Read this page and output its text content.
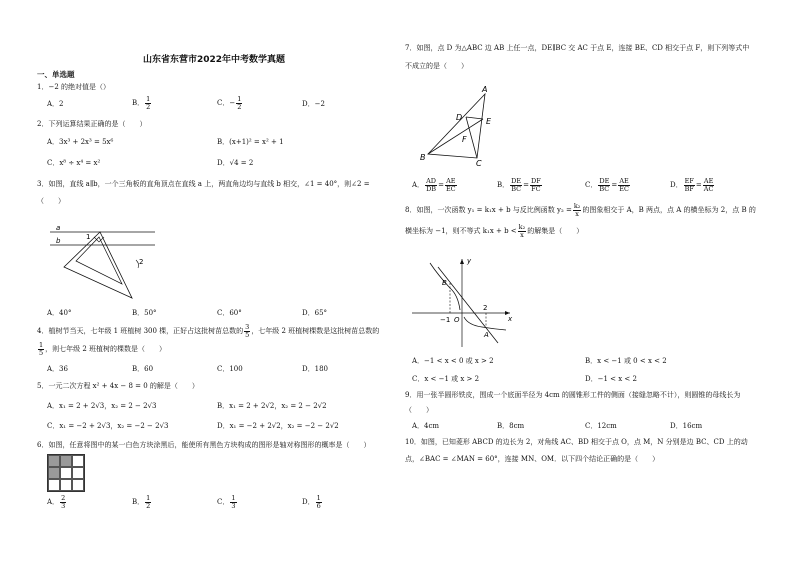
山东省东营市2022年中考数学真题
一、单选题
1．−2 的绝对值是（）
A．2	B． $\frac{1}{2}$	C．− $\frac{1}{2}$	D．−2
2．下列运算结果正确的是（　　）
A．3x³ + 2x³ = 5x⁶	B．(x+1)² = x² + 1
C．x⁸ ÷ x⁴ = x²	D．√4 = 2
3．如图，直线 a∥b，一个三角板的直角顶点在直线 a 上，两直角边均与直线 b 相交，∠1 = 40°，则∠2 =
（　　）
a
b	1
2
A．40°	B．50°	C．60°	D．65°
4．植树节当天，七年级 1 班植树 300 棵，正好占这批树苗总数的 $\frac{3}{5}$ ，七年级 2 班植树棵数是这批树苗总数的
$\frac{1}{5}$ ，则七年级 2 班植树的棵数是（　　）
A．36	B．60	C．100	D．180
5．一元二次方程 x² + 4x − 8 = 0 的解是（　　）
A．x₁ = 2 + 2√3，x₂ = 2 − 2√3	B．x₁ = 2 + 2√2，x₂ = 2 − 2√2
C．x₁ = −2 + 2√3，x₂ = −2 − 2√3	D．x₁ = −2 + 2√2，x₂ = −2 − 2√2
6．如图，任意将图中的某一白色方块涂黑后，能使所有黑色方块构成的图形是轴对称图形的概率是（　　）
A． $\frac{2}{3}$	B． $\frac{1}{2}$	C． $\frac{1}{3}$	D． $\frac{1}{6}$
7．如图，点 D 为△ABC 边 AB 上任一点，DE∥BC 交 AC 于点 E，连接 BE、CD 相交于点 F，则下列等式中
不成立的是（　　）
A
B
C
D	E
F
A． $\frac{AD}{DB} = \frac{AE}{EC}$	B． $\frac{DE}{BC} = \frac{DF}{FC}$	C． $\frac{DE}{BC} = \frac{AE}{EC}$	D． $\frac{EF}{BF} = \frac{AE}{AC}$
8．如图，一次函数 y₁ = k₁x + b 与反比例函数 $y_2 = \frac{\text{k₂}}{x}$ 的图象相交于 A，B 两点，点 A 的横坐标为 2，点 B 的
横坐标为 −1，则不等式 $k_1x + b < \frac{\text{k₂}}{x}$ 的解集是（　　）
y
x
O
−1
2
A
B
A．−1 < x < 0 或 x > 2	B．x < −1 或 0 < x < 2
C．x < −1 或 x > 2	D．−1 < x < 2
9．用一张半圆形铁皮，围成一个底面半径为 4cm 的圆锥形工件的侧面（接缝忽略不计），则圆锥的母线长为
（　　）
A．4cm	B．8cm	C．12cm	D．16cm
10．如图，已知菱形 ABCD 的边长为 2，对角线 AC、BD 相交于点 O，点 M，N 分别是边 BC、CD 上的动
点，∠BAC = ∠MAN = 60°，连接 MN、OM．以下四个结论正确的是（　　）
